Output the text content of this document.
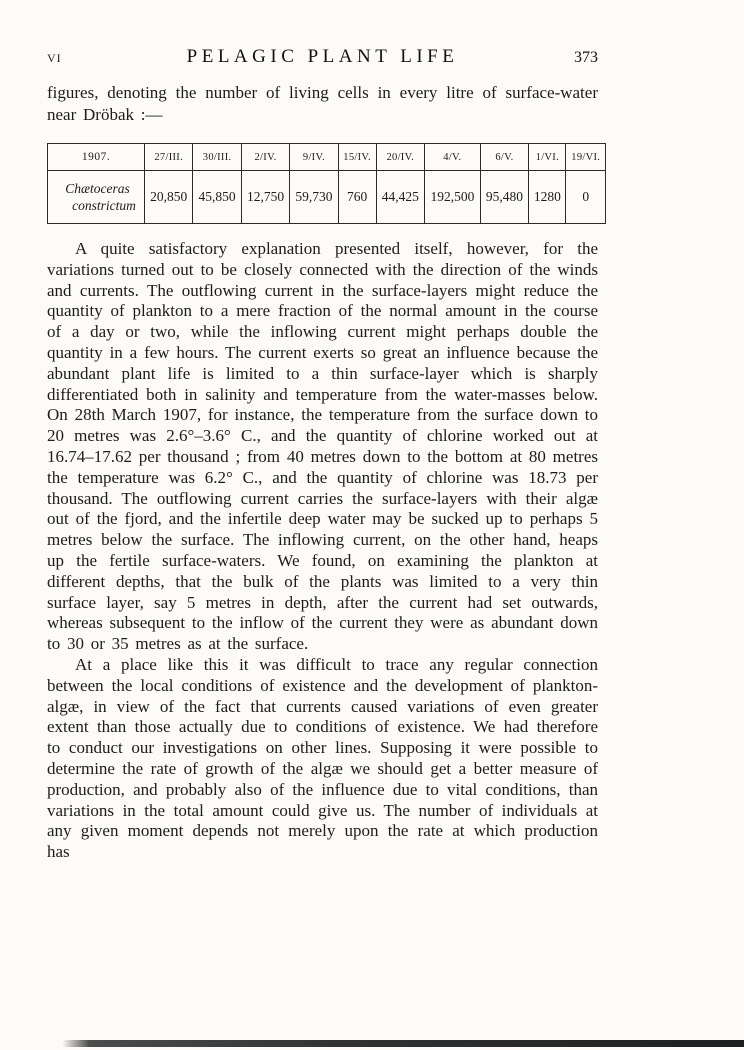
VI	PELAGIC PLANT LIFE	373

figures, denoting the number of living cells in every litre of surface-water near Dröbak :—

1907.	27/III.	30/III.	2/IV.	9/IV.	15/IV.	20/IV.	4/V.	6/V.	1/VI.	19/VI.
Chætoceras
constrictum	20,850	45,850	12,750	59,730	760	44,425	192,500	95,480	1280	0

A quite satisfactory explanation presented itself, however, for the variations turned out to be closely connected with the direction of the winds and currents. The outflowing current in the surface-layers might reduce the quantity of plankton to a mere fraction of the normal amount in the course of a day or two, while the inflowing current might perhaps double the quantity in a few hours. The current exerts so great an influence because the abundant plant life is limited to a thin surface-layer which is sharply differentiated both in salinity and temperature from the water-masses below. On 28th March 1907, for instance, the temperature from the surface down to 20 metres was 2.6°–3.6° C., and the quantity of chlorine worked out at 16.74–17.62 per thousand ; from 40 metres down to the bottom at 80 metres the temperature was 6.2° C., and the quantity of chlorine was 18.73 per thousand. The outflowing current carries the surface-layers with their algæ out of the fjord, and the infertile deep water may be sucked up to perhaps 5 metres below the surface. The inflowing current, on the other hand, heaps up the fertile surface-waters. We found, on examining the plankton at different depths, that the bulk of the plants was limited to a very thin surface layer, say 5 metres in depth, after the current had set outwards, whereas subsequent to the inflow of the current they were as abundant down to 30 or 35 metres as at the surface.

At a place like this it was difficult to trace any regular connection between the local conditions of existence and the development of plankton-algæ, in view of the fact that currents caused variations of even greater extent than those actually due to conditions of existence. We had therefore to conduct our investigations on other lines. Supposing it were possible to determine the rate of growth of the algæ we should get a better measure of production, and probably also of the influence due to vital conditions, than variations in the total amount could give us. The number of individuals at any given moment depends not merely upon the rate at which production has
